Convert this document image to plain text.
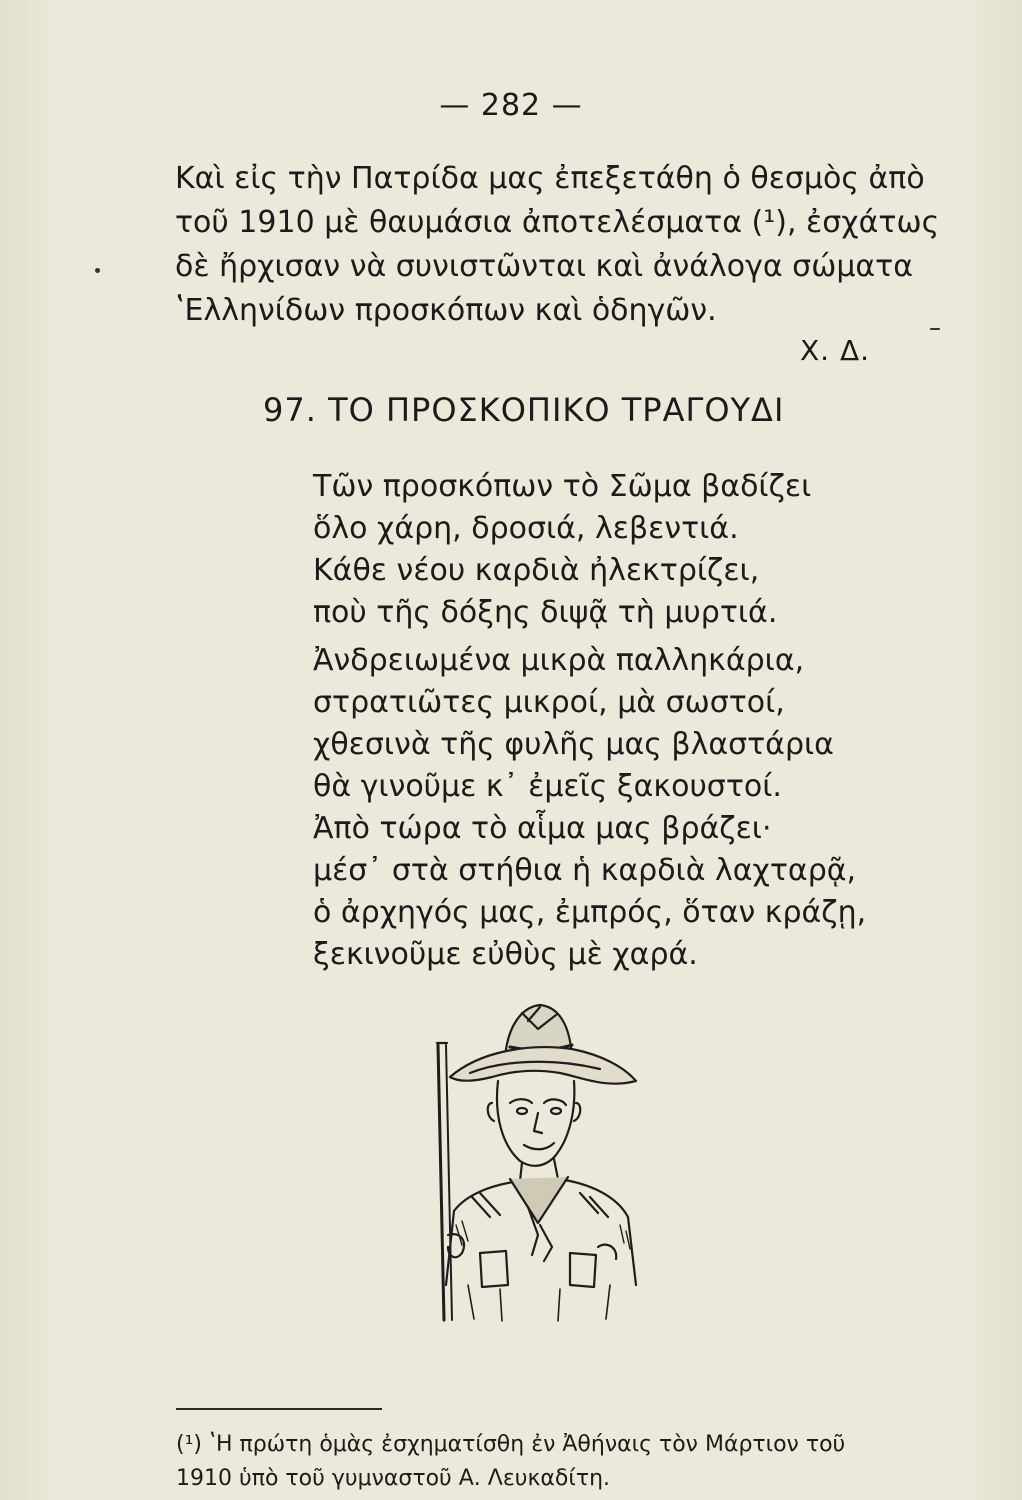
— 282 —
Καὶ εἰς τὴν Πατρίδα μας ἐπεξετάθη ὁ θεσμὸς ἀπὸ
τοῦ 1910 μὲ θαυμάσια ἀποτελέσματα (¹), ἐσχάτως
δὲ ἤρχισαν νὰ συνιστῶνται καὶ ἀνάλογα σώματα
ʽΕλληνίδων προσκόπων καὶ ὁδηγῶν.
Χ. Δ.
97. ΤΟ ΠΡΟΣΚΟΠΙΚΟ ΤΡΑΓΟΥΔΙ
Τῶν προσκόπων τὸ Σῶμα βαδίζει
ὅλο χάρη, δροσιά, λεβεντιά.
Κάθε νέου καρδιὰ ἠλεκτρίζει,
ποὺ τῆς δόξης διψᾷ τὴ μυρτιά.
Ἀνδρειωμένα μικρὰ παλληκάρια,
στρατιῶτες μικροί, μὰ σωστοί,
χθεσινὰ τῆς φυλῆς μας βλαστάρια
θὰ γινοῦμε κ᾿ ἐμεῖς ξακουστοί.
Ἀπὸ τώρα τὸ αἷμα μας βράζει·
μέσ᾿ στὰ στήθια ἡ καρδιὰ λαχταρᾷ,
ὁ ἀρχηγός μας, ἐμπρός, ὅταν κράζῃ,
ξεκινοῦμε εὐθὺς μὲ χαρά.
(¹) ʽΗ πρώτη ὁμὰς ἐσχηματίσθη ἐν Ἀθήναις τὸν Μάρτιον τοῦ
1910 ὑπὸ τοῦ γυμναστοῦ Α. Λευκαδίτη.
